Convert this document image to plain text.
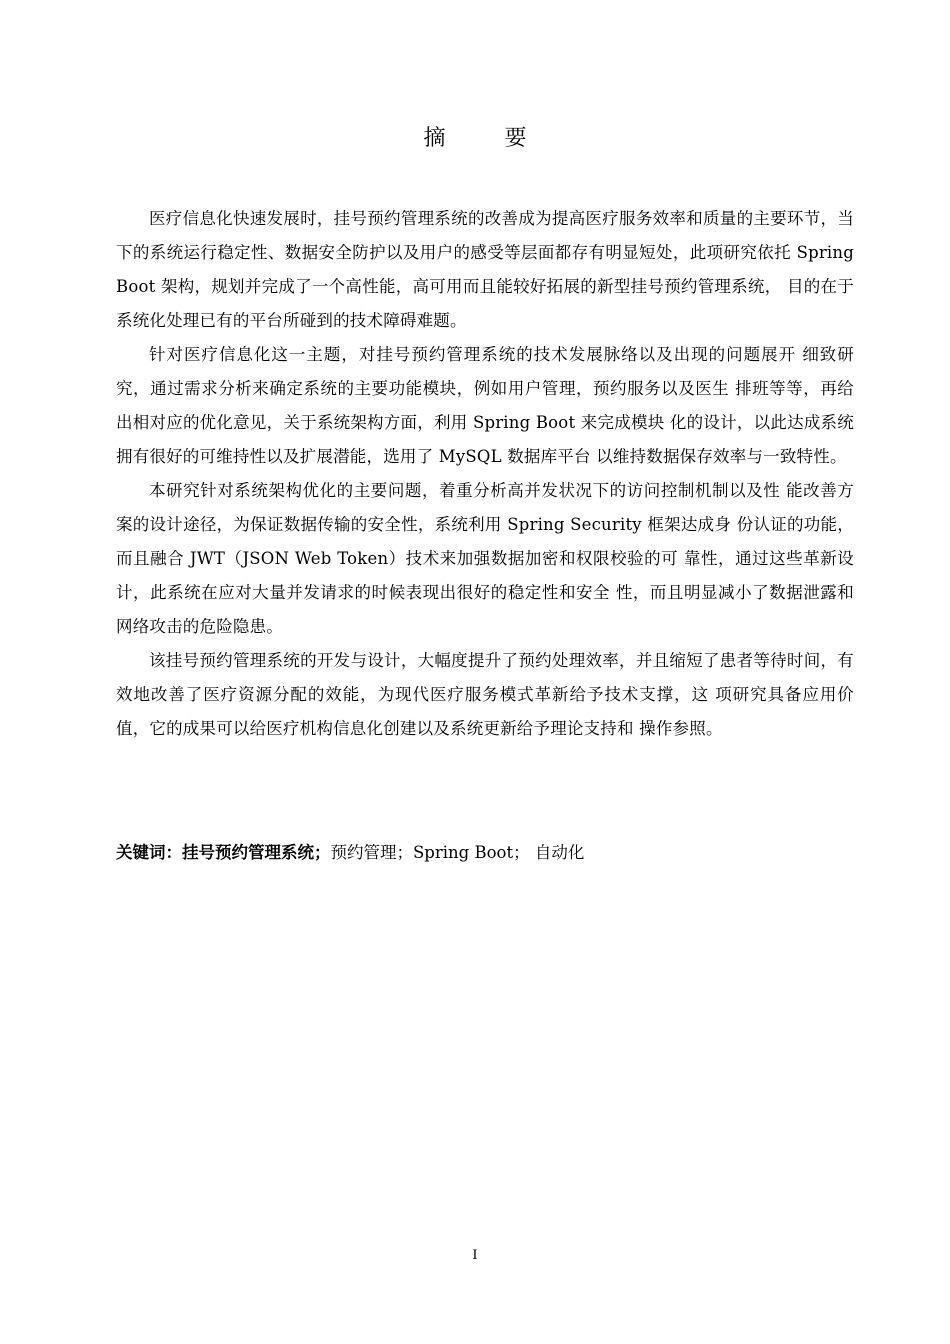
摘 要

医疗信息化快速发展时，挂号预约管理系统的改善成为提高医疗服务效率和质量的主要环节，当下的系统运行稳定性、数据安全防护以及用户的感受等层面都存有明显短处，此项研究依托 Spring Boot 架构，规划并完成了一个高性能，高可用而且能较好拓展的新型挂号预约管理系统， 目的在于系统化处理已有的平台所碰到的技术障碍难题。

针对医疗信息化这一主题，对挂号预约管理系统的技术发展脉络以及出现的问题展开 细致研究，通过需求分析来确定系统的主要功能模块，例如用户管理，预约服务以及医生 排班等等，再给出相对应的优化意见，关于系统架构方面，利用 Spring Boot 来完成模块 化的设计，以此达成系统拥有很好的可维持性以及扩展潜能，选用了 MySQL 数据库平台 以维持数据保存效率与一致特性。

本研究针对系统架构优化的主要问题，着重分析高并发状况下的访问控制机制以及性 能改善方案的设计途径，为保证数据传输的安全性，系统利用 Spring Security 框架达成身 份认证的功能，而且融合 JWT（JSON Web Token）技术来加强数据加密和权限校验的可 靠性，通过这些革新设计，此系统在应对大量并发请求的时候表现出很好的稳定性和安全 性，而且明显减小了数据泄露和网络攻击的危险隐患。

该挂号预约管理系统的开发与设计，大幅度提升了预约处理效率，并且缩短了患者等待时间，有效地改善了医疗资源分配的效能，为现代医疗服务模式革新给予技术支撑，这 项研究具备应用价值，它的成果可以给医疗机构信息化创建以及系统更新给予理论支持和 操作参照。

关键词：挂号预约管理系统；预约管理；Spring Boot； 自动化
I
